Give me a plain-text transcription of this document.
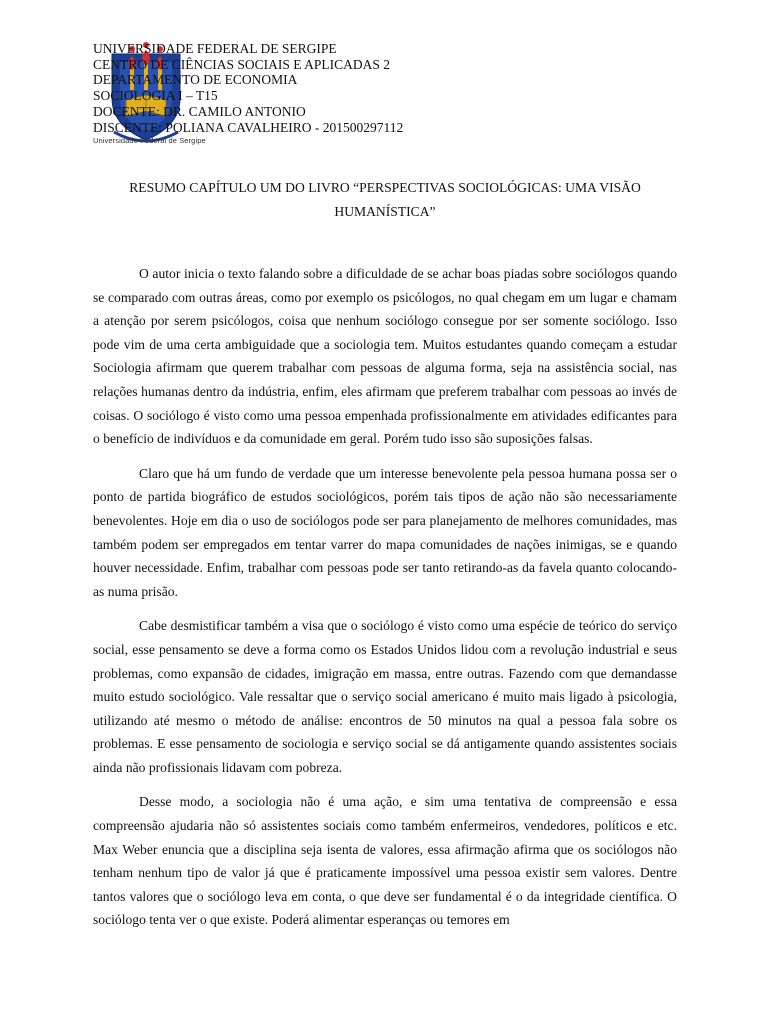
Universidade Federal de Sergipe
UNIVERSIDADE FEDERAL DE SERGIPE
CENTRO DE CIÊNCIAS SOCIAIS E APLICADAS 2
DEPARTAMENTO DE ECONOMIA
SOCIOLOGIA I – T15
DOCENTE: DR. CAMILO ANTONIO
DISCENTE: POLIANA CAVALHEIRO - 201500297112
RESUMO CAPÍTULO UM DO LIVRO “PERSPECTIVAS SOCIOLÓGICAS: UMA VISÃO HUMANÍSTICA”

O autor inicia o texto falando sobre a dificuldade de se achar boas piadas sobre sociólogos quando se comparado com outras áreas, como por exemplo os psicólogos, no qual chegam em um lugar e chamam a atenção por serem psicólogos, coisa que nenhum sociólogo consegue por ser somente sociólogo. Isso pode vim de uma certa ambiguidade que a sociologia tem. Muitos estudantes quando começam a estudar Sociologia afirmam que querem trabalhar com pessoas de alguma forma, seja na assistência social, nas relações humanas dentro da indústria, enfim, eles afirmam que preferem trabalhar com pessoas ao invés de coisas. O sociólogo é visto como uma pessoa empenhada profissionalmente em atividades edificantes para o benefício de indivíduos e da comunidade em geral. Porém tudo isso são suposições falsas.

Claro que há um fundo de verdade que um interesse benevolente pela pessoa humana possa ser o ponto de partida biográfico de estudos sociológicos, porém tais tipos de ação não são necessariamente benevolentes. Hoje em dia o uso de sociólogos pode ser para planejamento de melhores comunidades, mas também podem ser empregados em tentar varrer do mapa comunidades de nações inimigas, se e quando houver necessidade. Enfim, trabalhar com pessoas pode ser tanto retirando-as da favela quanto colocando-as numa prisão.

Cabe desmistificar também a visa que o sociólogo é visto como uma espécie de teórico do serviço social, esse pensamento se deve a forma como os Estados Unidos lidou com a revolução industrial e seus problemas, como expansão de cidades, imigração em massa, entre outras. Fazendo com que demandasse muito estudo sociológico. Vale ressaltar que o serviço social americano é muito mais ligado à psicologia, utilizando até mesmo o método de análise: encontros de 50 minutos na qual a pessoa fala sobre os problemas. E esse pensamento de sociologia e serviço social se dá antigamente quando assistentes sociais ainda não profissionais lidavam com pobreza.

Desse modo, a sociologia não é uma ação, e sim uma tentativa de compreensão e essa compreensão ajudaria não só assistentes sociais como também enfermeiros, vendedores, políticos e etc. Max Weber enuncia que a disciplina seja isenta de valores, essa afirmação afirma que os sociólogos não tenham nenhum tipo de valor já que é praticamente impossível uma pessoa existir sem valores. Dentre tantos valores que o sociólogo leva em conta, o que deve ser fundamental é o da integridade científica. O sociólogo tenta ver o que existe. Poderá alimentar esperanças ou temores em
